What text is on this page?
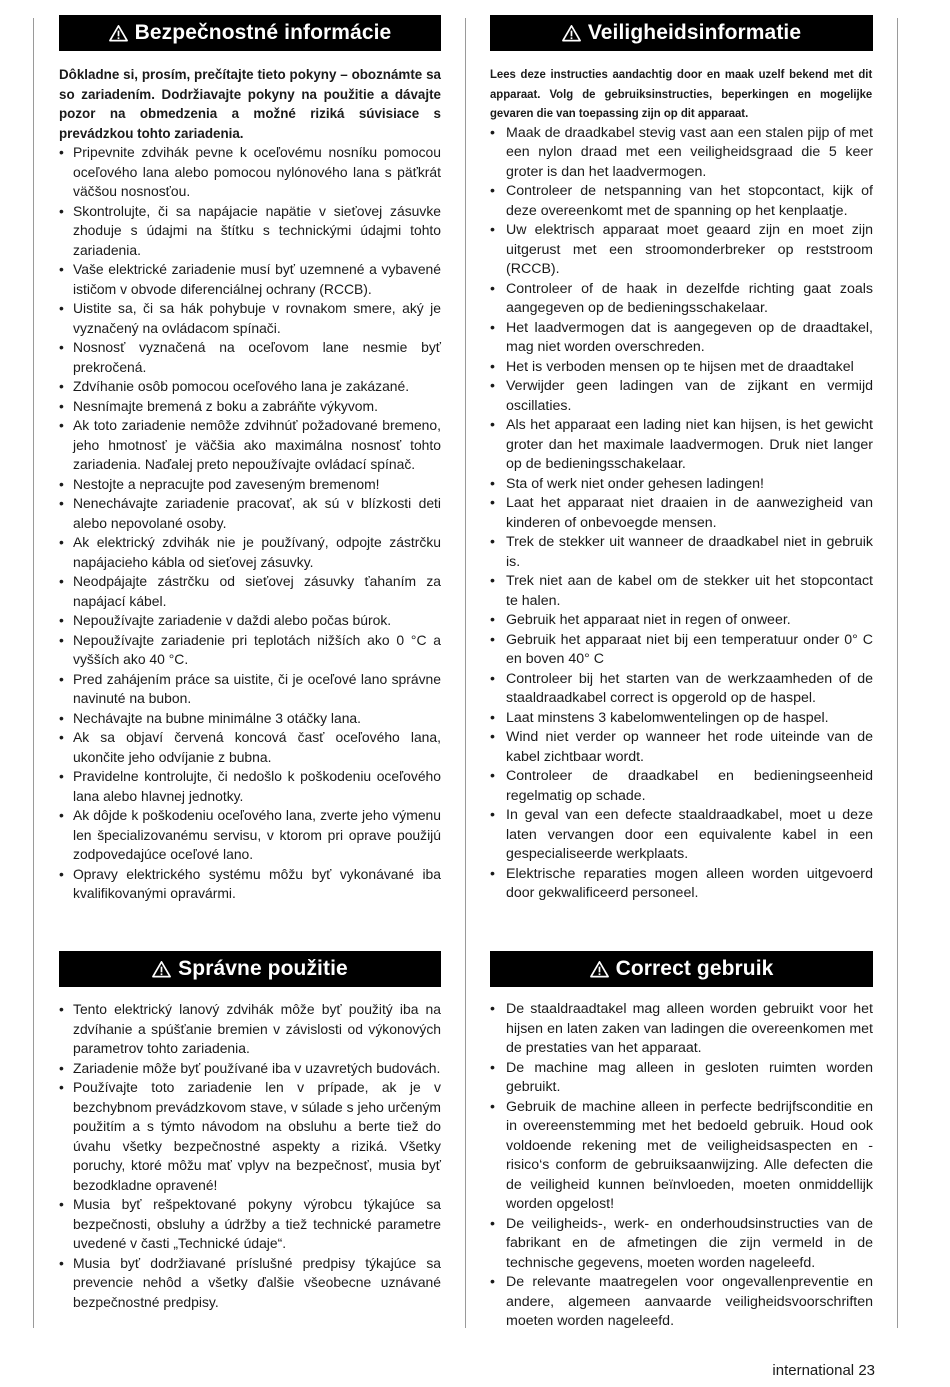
Bezpečnostné informácie

Dôkladne si, prosím, prečítajte tieto pokyny – oboznámte sa so zariadením. Dodržiavajte pokyny na použitie a dávajte pozor na obmedzenia a možné riziká súvisiace s prevádzkou tohto zariadenia.

• Pripevnite zdvihák pevne k oceľovému nosníku pomocou oceľového lana alebo pomocou nylónového lana s päťkrát väčšou nosnosťou.
• Skontrolujte, či sa napájacie napätie v sieťovej zásuvke zhoduje s údajmi na štítku s technickými údajmi tohto zariadenia.
• Vaše elektrické zariadenie musí byť uzemnené a vybavené ističom v obvode diferenciálnej ochrany (RCCB).
• Uistite sa, či sa hák pohybuje v rovnakom smere, aký je vyznačený na ovládacom spínači.
• Nosnosť vyznačená na oceľovom lane nesmie byť prekročená.
• Zdvíhanie osôb pomocou oceľového lana je zakázané.
• Nesnímajte bremená z boku a zabráňte výkyvom.
• Ak toto zariadenie nemôže zdvihnúť požadované bremeno, jeho hmotnosť je väčšia ako maximálna nosnosť tohto zariadenia. Naďalej preto nepoužívajte ovládací spínač.
• Nestojte a nepracujte pod zaveseným bremenom!
• Nenechávajte zariadenie pracovať, ak sú v blízkosti deti alebo nepovolané osoby.
• Ak elektrický zdvihák nie je používaný, odpojte zástrčku napájacieho kábla od sieťovej zásuvky.
• Neodpájajte zástrčku od sieťovej zásuvky ťahaním za napájací kábel.
• Nepoužívajte zariadenie v daždi alebo počas búrok.
• Nepoužívajte zariadenie pri teplotách nižších ako 0 °C a vyšších ako 40 °C.
• Pred zahájením práce sa uistite, či je oceľové lano správne navinuté na bubon.
• Nechávajte na bubne minimálne 3 otáčky lana.
• Ak sa objaví červená koncová časť oceľového lana, ukončite jeho odvíjanie z bubna.
• Pravidelne kontrolujte, či nedošlo k poškodeniu oceľového lana alebo hlavnej jednotky.
• Ak dôjde k poškodeniu oceľového lana, zverte jeho výmenu len špecializovanému servisu, v ktorom pri oprave použijú zodpovedajúce oceľové lano.
• Opravy elektrického systému môžu byť vykonávané iba kvalifikovanými opravármi.
Správne použitie
• Tento elektrický lanový zdvihák môže byť použitý iba na zdvíhanie a spúšťanie bremien v závislosti od výkonových parametrov tohto zariadenia.
• Zariadenie môže byť používané iba v uzavretých budovách.
• Používajte toto zariadenie len v prípade, ak je v bezchybnom prevádzkovom stave, v súlade s jeho určeným použitím a s týmto návodom na obsluhu a berte tiež do úvahu všetky bezpečnostné aspekty a riziká. Všetky poruchy, ktoré môžu mať vplyv na bezpečnosť, musia byť bezodkladne opravené!
• Musia byť rešpektované pokyny výrobcu týkajúce sa bezpečnosti, obsluhy a údržby a tiež technické parametre uvedené v časti „Technické údaje“.
• Musia byť dodržiavané príslušné predpisy týkajúce sa prevencie nehôd a všetky ďalšie všeobecne uznávané bezpečnostné predpisy.
Veiligheidsinformatie

Lees deze instructies aandachtig door en maak uzelf bekend met dit apparaat. Volg de gebruiksinstructies, beperkingen en mogelijke gevaren die van toepassing zijn op dit apparaat.

• Maak de draadkabel stevig vast aan een stalen pijp of met een nylon draad met een veiligheidsgraad die 5 keer groter is dan het laadvermogen.
• Controleer de netspanning van het stopcontact, kijk of deze overeenkomt met de spanning op het kenplaatje.
• Uw elektrisch apparaat moet geaard zijn en moet zijn uitgerust met een stroomonderbreker op reststroom (RCCB).
• Controleer of de haak in dezelfde richting gaat zoals aangegeven op de bedieningsschakelaar.
• Het laadvermogen dat is aangegeven op de draadtakel, mag niet worden overschreden.
• Het is verboden mensen op te hijsen met de draadtakel
• Verwijder geen ladingen van de zijkant en vermijd oscillaties.
• Als het apparaat een lading niet kan hijsen, is het gewicht groter dan het maximale laadvermogen. Druk niet langer op de bedieningsschakelaar.
• Sta of werk niet onder gehesen ladingen!
• Laat het apparaat niet draaien in de aanwezigheid van kinderen of onbevoegde mensen.
• Trek de stekker uit wanneer de draadkabel niet in gebruik is.
• Trek niet aan de kabel om de stekker uit het stopcontact te halen.
• Gebruik het apparaat niet in regen of onweer.
• Gebruik het apparaat niet bij een temperatuur onder 0° C en boven 40° C
• Controleer bij het starten van de werkzaamheden of de staaldraadkabel correct is opgerold op de haspel.
• Laat minstens 3 kabelomwentelingen op de haspel.
• Wind niet verder op wanneer het rode uiteinde van de kabel zichtbaar wordt.
• Controleer de draadkabel en bedieningseenheid regelmatig op schade.
• In geval van een defecte staaldraadkabel, moet u deze laten vervangen door een equivalente kabel in een gespecialiseerde werkplaats.
• Elektrische reparaties mogen alleen worden uitgevoerd door gekwalificeerd personeel.
Correct gebruik
• De staaldraadtakel mag alleen worden gebruikt voor het hijsen en laten zaken van ladingen die overeenkomen met de prestaties van het apparaat.
• De machine mag alleen in gesloten ruimten worden gebruikt.
• Gebruik de machine alleen in perfecte bedrijfsconditie en in overeenstemming met het bedoeld gebruik. Houd ook voldoende rekening met de veiligheidsaspecten en -risico‘s conform de gebruiksaanwijzing. Alle defecten die de veiligheid kunnen beïnvloeden, moeten onmiddellijk worden opgelost!
• De veiligheids-, werk- en onderhoudsinstructies van de fabrikant en de afmetingen die zijn vermeld in de technische gegevens, moeten worden nageleefd.
• De relevante maatregelen voor ongevallenpreventie en andere, algemeen aanvaarde veiligheidsvoorschriften moeten worden nageleefd.
international 23
